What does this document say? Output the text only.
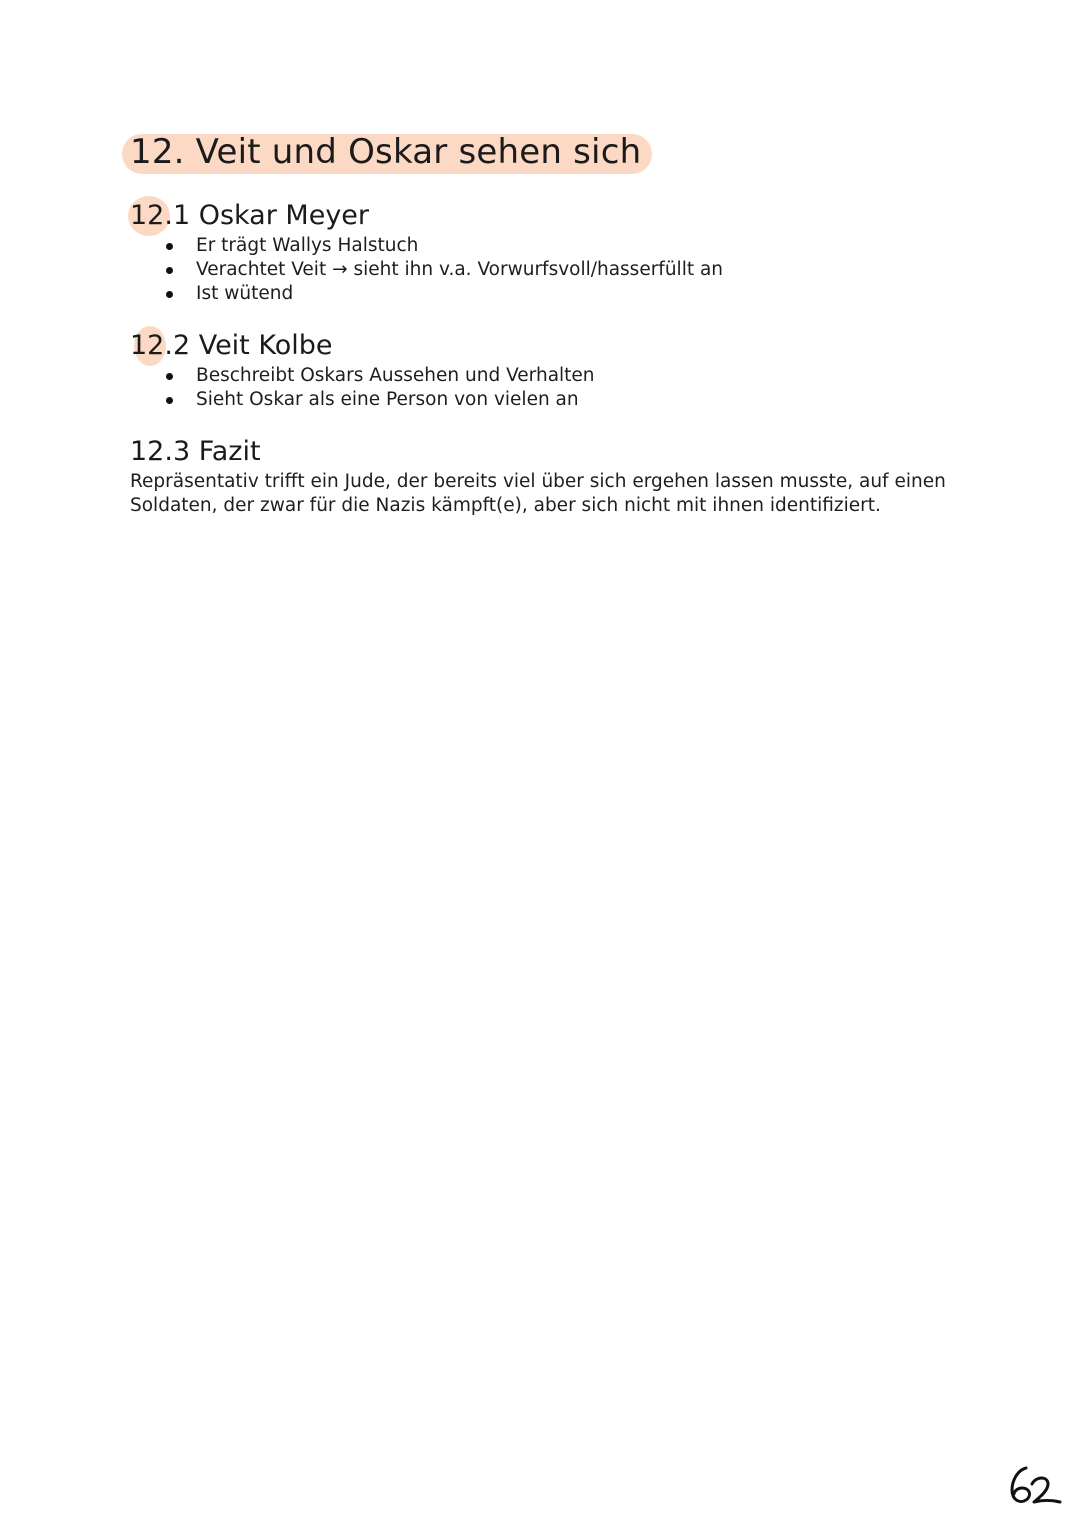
12. Veit und Oskar sehen sich
12.1 Oskar Meyer
Er trägt Wallys Halstuch
Verachtet Veit → sieht ihn v.a. Vorwurfsvoll/hasserfüllt an
Ist wütend
12.2 Veit Kolbe
Beschreibt Oskars Aussehen und Verhalten
Sieht Oskar als eine Person von vielen an
12.3 Fazit

Repräsentativ trifft ein Jude, der bereits viel über sich ergehen lassen musste, auf einen Soldaten, der zwar für die Nazis kämpft(e), aber sich nicht mit ihnen identifiziert.
